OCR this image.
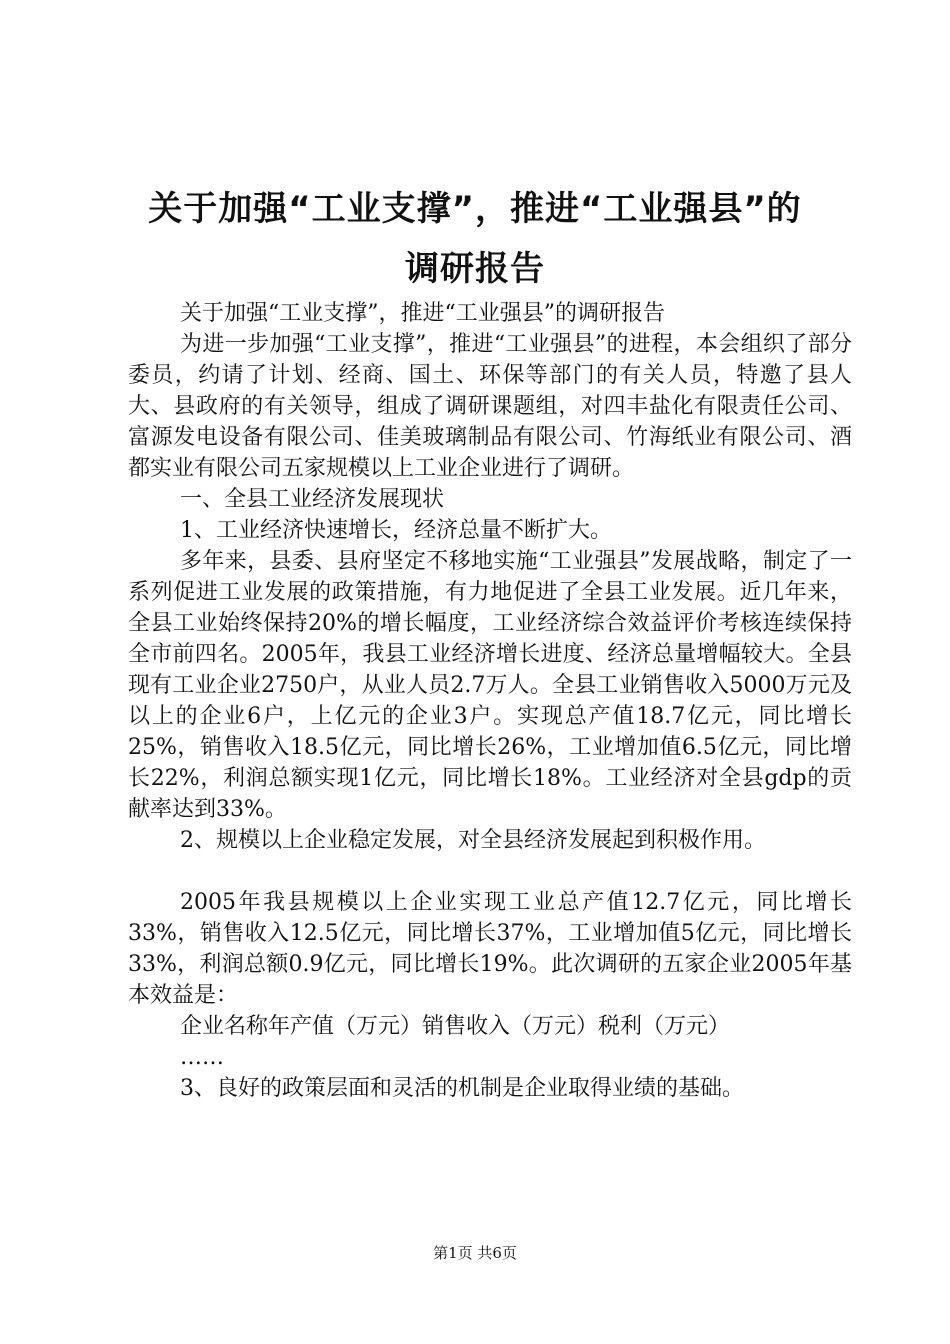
关于加强“工业支撑”，推进“工业强县”的
调研报告

关于加强“工业支撑”，推进“工业强县”的调研报告

为进一步加强“工业支撑”，推进“工业强县”的进程，本会组织了部分委员，约请了计划、经商、国土、环保等部门的有关人员，特邀了县人大、县政府的有关领导，组成了调研课题组，对四丰盐化有限责任公司、富源发电设备有限公司、佳美玻璃制品有限公司、竹海纸业有限公司、酒都实业有限公司五家规模以上工业企业进行了调研。

一、全县工业经济发展现状

1、工业经济快速增长，经济总量不断扩大。

多年来，县委、县府坚定不移地实施“工业强县”发展战略，制定了一系列促进工业发展的政策措施，有力地促进了全县工业发展。近几年来，全县工业始终保持20%的增长幅度，工业经济综合效益评价考核连续保持全市前四名。2005年，我县工业经济增长进度、经济总量增幅较大。全县现有工业企业2750户，从业人员2.7万人。全县工业销售收入5000万元及以上的企业6户，上亿元的企业3户。实现总产值18.7亿元，同比增长25%，销售收入18.5亿元，同比增长26%，工业增加值6.5亿元，同比增长22%，利润总额实现1亿元，同比增长18%。工业经济对全县gdp的贡献率达到33%。

2、规模以上企业稳定发展，对全县经济发展起到积极作用。

2005年我县规模以上企业实现工业总产值12.7亿元，同比增长33%，销售收入12.5亿元，同比增长37%，工业增加值5亿元，同比增长33%，利润总额0.9亿元，同比增长19%。此次调研的五家企业2005年基本效益是：

企业名称年产值（万元）销售收入（万元）税利（万元）

……

3、良好的政策层面和灵活的机制是企业取得业绩的基础。

第1页 共6页
